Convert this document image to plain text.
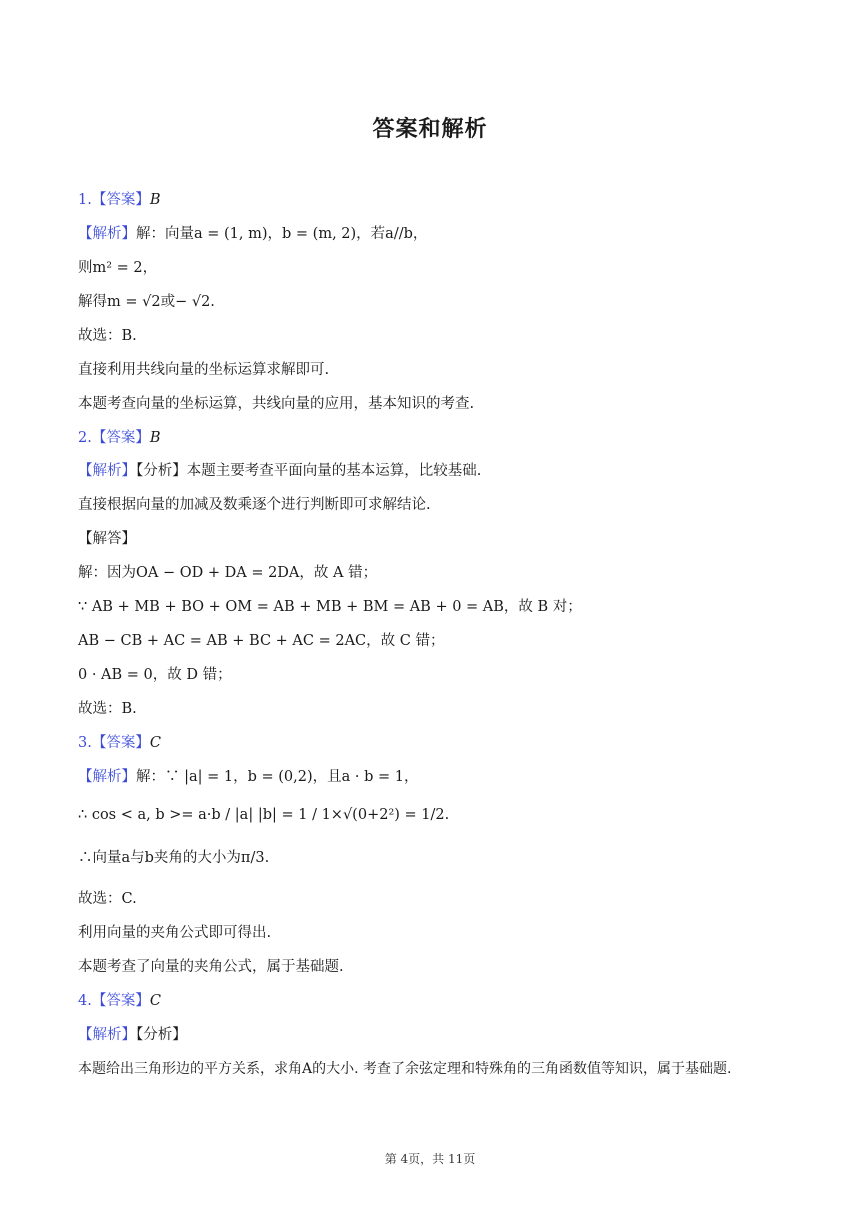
答案和解析
1.【答案】B
【解析】解：向量a = (1, m)，b = (m, 2)，若a//b，
则m² = 2，
解得m = √2或− √2.
故选：B.
直接利用共线向量的坐标运算求解即可.
本题考查向量的坐标运算，共线向量的应用，基本知识的考查.
2.【答案】B
【解析】【分析】本题主要考查平面向量的基本运算，比较基础.
直接根据向量的加减及数乘逐个进行判断即可求解结论.
【解答】
解：因为OA − OD + DA = 2DA，故 A 错；
∵ AB + MB + BO + OM = AB + MB + BM = AB + 0 = AB，故 B 对；
AB − CB + AC = AB + BC + AC = 2AC，故 C 错；
0 · AB = 0，故 D 错；
故选：B.
3.【答案】C
【解析】解：∵ |a| = 1，b = (0,2)，且a · b = 1，
∴ cos < a, b >= a·b / |a| |b| = 1 / 1×√(0+2²) = 1/2.
∴向量a与b夹角的大小为π/3.
故选：C.
利用向量的夹角公式即可得出.
本题考查了向量的夹角公式，属于基础题.
4.【答案】C
【解析】【分析】
本题给出三角形边的平方关系，求角A的大小. 考查了余弦定理和特殊角的三角函数值等知识，属于基础题.
第 4页，共 11页
